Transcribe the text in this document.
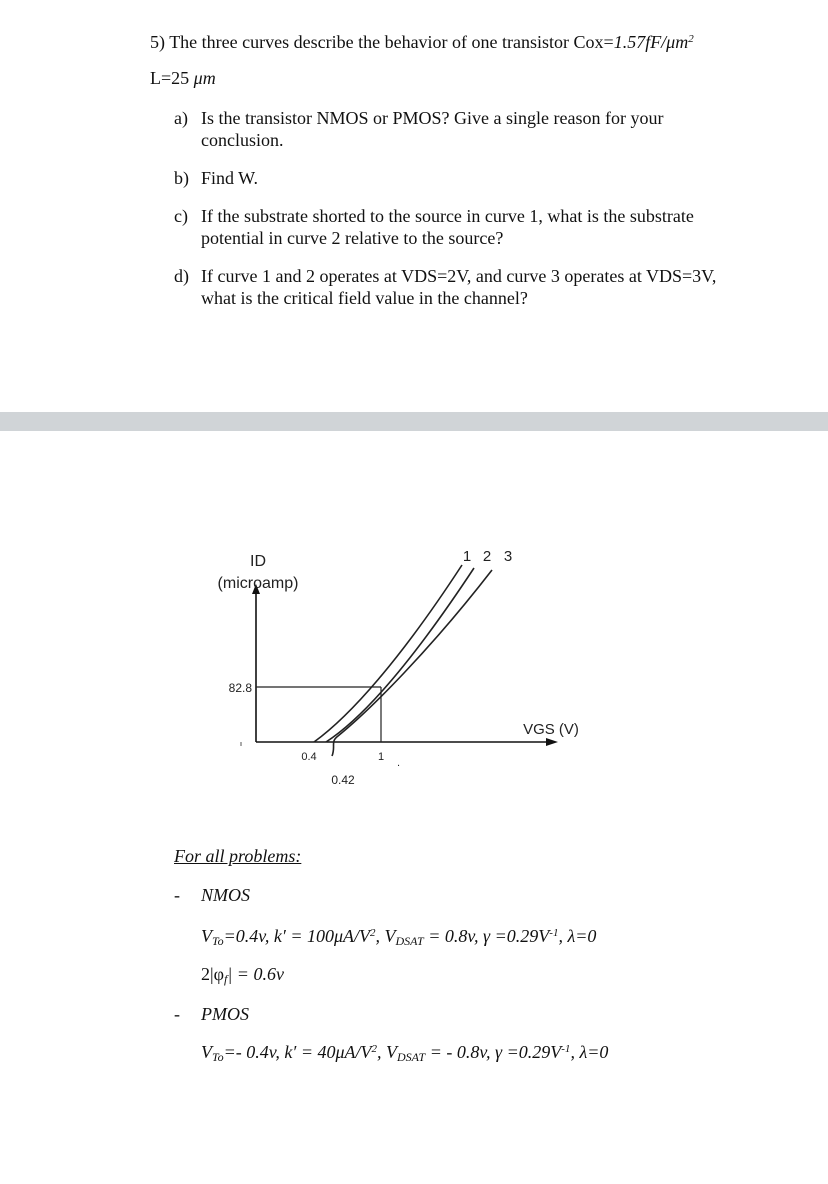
5) The three curves describe the behavior of one transistor $Cox=1.57fF/\mu m^2$
L=25 μm
a) Is the transistor NMOS or PMOS? Give a single reason for your
conclusion.
b) Find W.
c) If the substrate shorted to the source in curve 1, what is the substrate
potential in curve 2 relative to the source?
d) If curve 1 and 2 operates at VDS=2V, and curve 3 operates at VDS=3V,
what is the critical field value in the channel?
.
ID
(microamp)
1 2 3
82.8
0.4
0.42
1
VGS (V)
For all problems:
- NMOS
$V_{To}=0.4v$, $k' = 100\mu A/V^2$, $V_{DSAT} = 0.8v$, $\gamma =0.29V^{-1}$, λ=0
$2|\varphi_f| = 0.6v$
- PMOS
$V_{To}=-$ 0.4v, $k' = 40\mu A/V^2$, $V_{DSAT}$ = - 0.8v, $\gamma =0.29V^{-1}$, λ=0
